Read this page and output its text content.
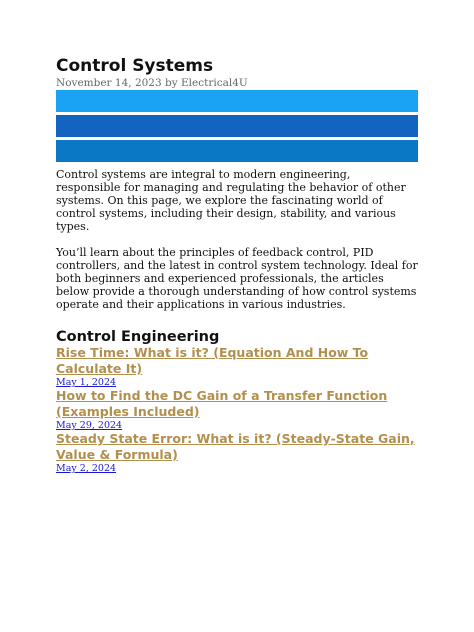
Control Systems
November 14, 2023 by Electrical4U

Control systems are integral to modern engineering, responsible for managing and regulating the behavior of other systems. On this page, we explore the fascinating world of control systems, including their design, stability, and various types.

You’ll learn about the principles of feedback control, PID controllers, and the latest in control system technology. Ideal for both beginners and experienced professionals, the articles below provide a thorough understanding of how control systems operate and their applications in various industries.

Control Engineering
Rise Time: What is it? (Equation And How To Calculate It)
May 1, 2024
How to Find the DC Gain of a Transfer Function (Examples Included)
May 29, 2024
Steady State Error: What is it? (Steady-State Gain, Value & Formula)
May 2, 2024
